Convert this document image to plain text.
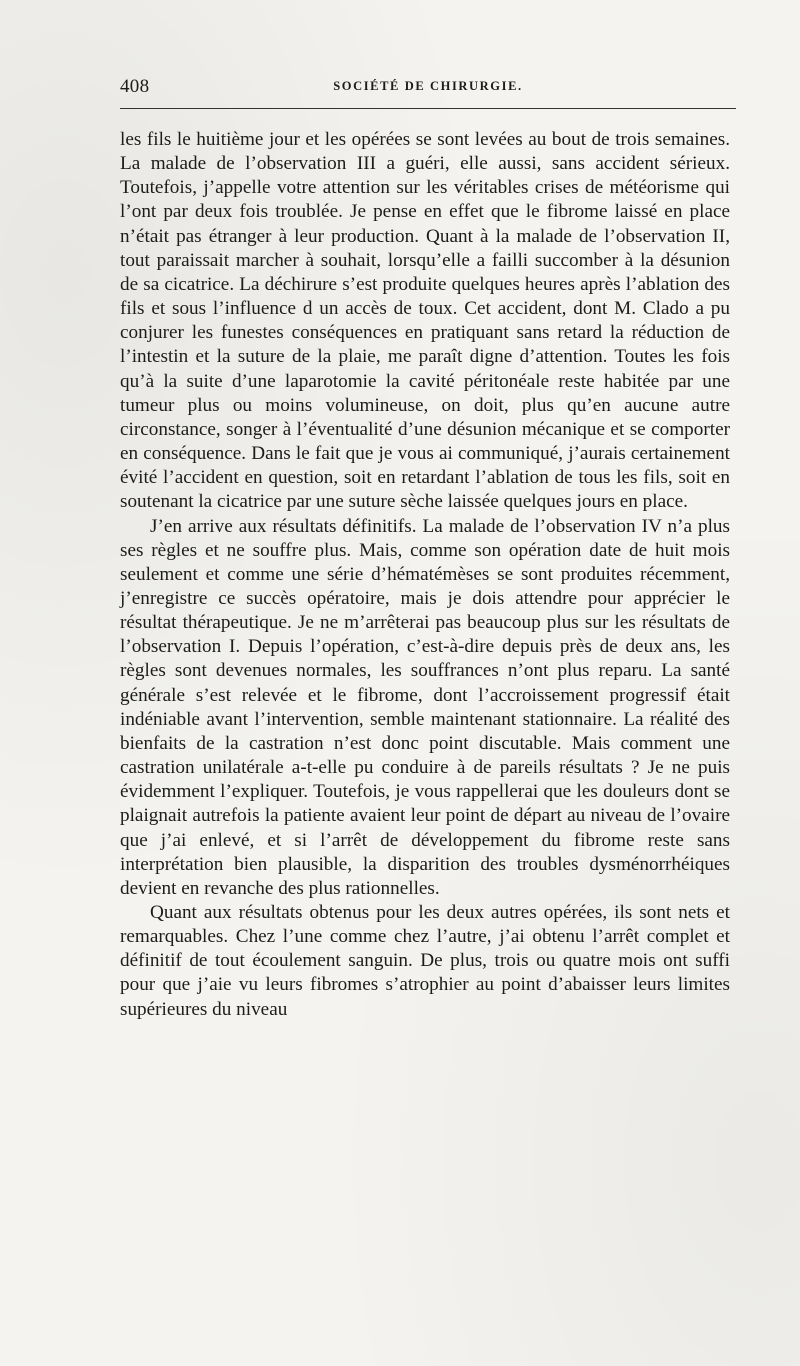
408	SOCIÉTÉ DE CHIRURGIE.

les fils le huitième jour et les opérées se sont levées au bout de trois semaines. La malade de l’observation III a guéri, elle aussi, sans accident sérieux. Toutefois, j’appelle votre attention sur les véritables crises de météorisme qui l’ont par deux fois troublée. Je pense en effet que le fibrome laissé en place n’était pas étranger à leur production. Quant à la malade de l’observation II, tout paraissait marcher à souhait, lorsqu’elle a failli succomber à la désunion de sa cicatrice. La déchirure s’est produite quelques heures après l’ablation des fils et sous l’influence d un accès de toux. Cet accident, dont M. Clado a pu conjurer les funestes conséquences en pratiquant sans retard la réduction de l’intestin et la suture de la plaie, me paraît digne d’attention. Toutes les fois qu’à la suite d’une laparotomie la cavité péritonéale reste habitée par une tumeur plus ou moins volumineuse, on doit, plus qu’en aucune autre circonstance, songer à l’éventualité d’une désunion mécanique et se comporter en conséquence. Dans le fait que je vous ai communiqué, j’aurais certainement évité l’accident en question, soit en retardant l’ablation de tous les fils, soit en soutenant la cicatrice par une suture sèche laissée quelques jours en place.

J’en arrive aux résultats définitifs. La malade de l’observation IV n’a plus ses règles et ne souffre plus. Mais, comme son opération date de huit mois seulement et comme une série d’hématémèses se sont produites récemment, j’enregistre ce succès opératoire, mais je dois attendre pour apprécier le résultat thérapeutique. Je ne m’arrêterai pas beaucoup plus sur les résultats de l’observation I. Depuis l’opération, c’est-à-dire depuis près de deux ans, les règles sont devenues normales, les souffrances n’ont plus reparu. La santé générale s’est relevée et le fibrome, dont l’accroissement progressif était indéniable avant l’intervention, semble maintenant stationnaire. La réalité des bienfaits de la castration n’est donc point discutable. Mais comment une castration unilatérale a-t-elle pu conduire à de pareils résultats ? Je ne puis évidemment l’expliquer. Toutefois, je vous rappellerai que les douleurs dont se plaignait autrefois la patiente avaient leur point de départ au niveau de l’ovaire que j’ai enlevé, et si l’arrêt de développement du fibrome reste sans interprétation bien plausible, la disparition des troubles dysménorrhéiques devient en revanche des plus rationnelles.

Quant aux résultats obtenus pour les deux autres opérées, ils sont nets et remarquables. Chez l’une comme chez l’autre, j’ai obtenu l’arrêt complet et définitif de tout écoulement sanguin. De plus, trois ou quatre mois ont suffi pour que j’aie vu leurs fibromes s’atrophier au point d’abaisser leurs limites supérieures du niveau
